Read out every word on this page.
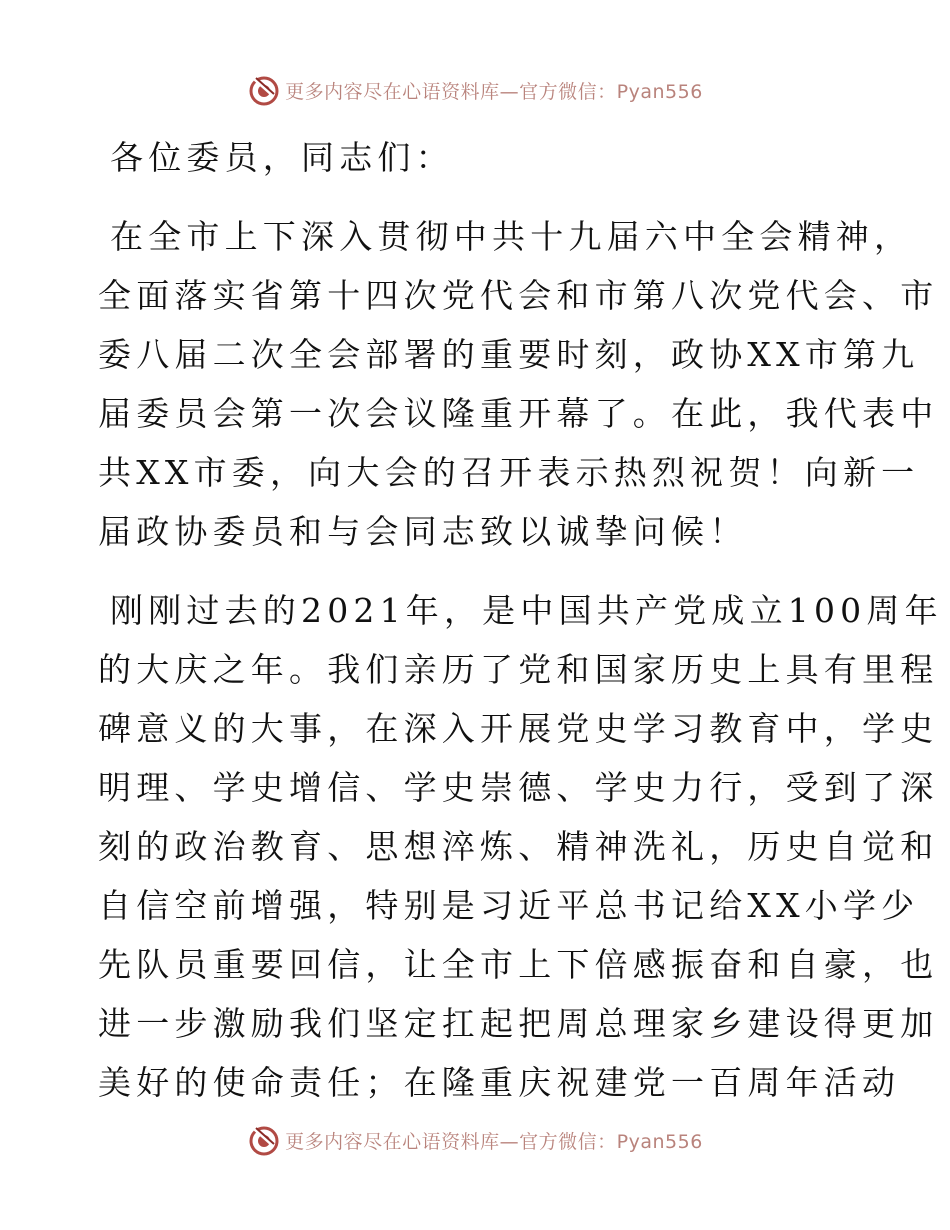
更多内容尽在心语资料库—官方微信：Pyan556
各位委员，同志们：
在全市上下深入贯彻中共十九届六中全会精神，
全面落实省第十四次党代会和市第八次党代会、市
委八届二次全会部署的重要时刻，政协XX市第九
届委员会第一次会议隆重开幕了。在此，我代表中
共XX市委，向大会的召开表示热烈祝贺！向新一
届政协委员和与会同志致以诚挚问候！
刚刚过去的2021年，是中国共产党成立100周年
的大庆之年。我们亲历了党和国家历史上具有里程
碑意义的大事，在深入开展党史学习教育中，学史
明理、学史增信、学史崇德、学史力行，受到了深
刻的政治教育、思想淬炼、精神洗礼，历史自觉和
自信空前增强，特别是习近平总书记给XX小学少
先队员重要回信，让全市上下倍感振奋和自豪，也
进一步激励我们坚定扛起把周总理家乡建设得更加
美好的使命责任；在隆重庆祝建党一百周年活动
更多内容尽在心语资料库—官方微信：Pyan556
